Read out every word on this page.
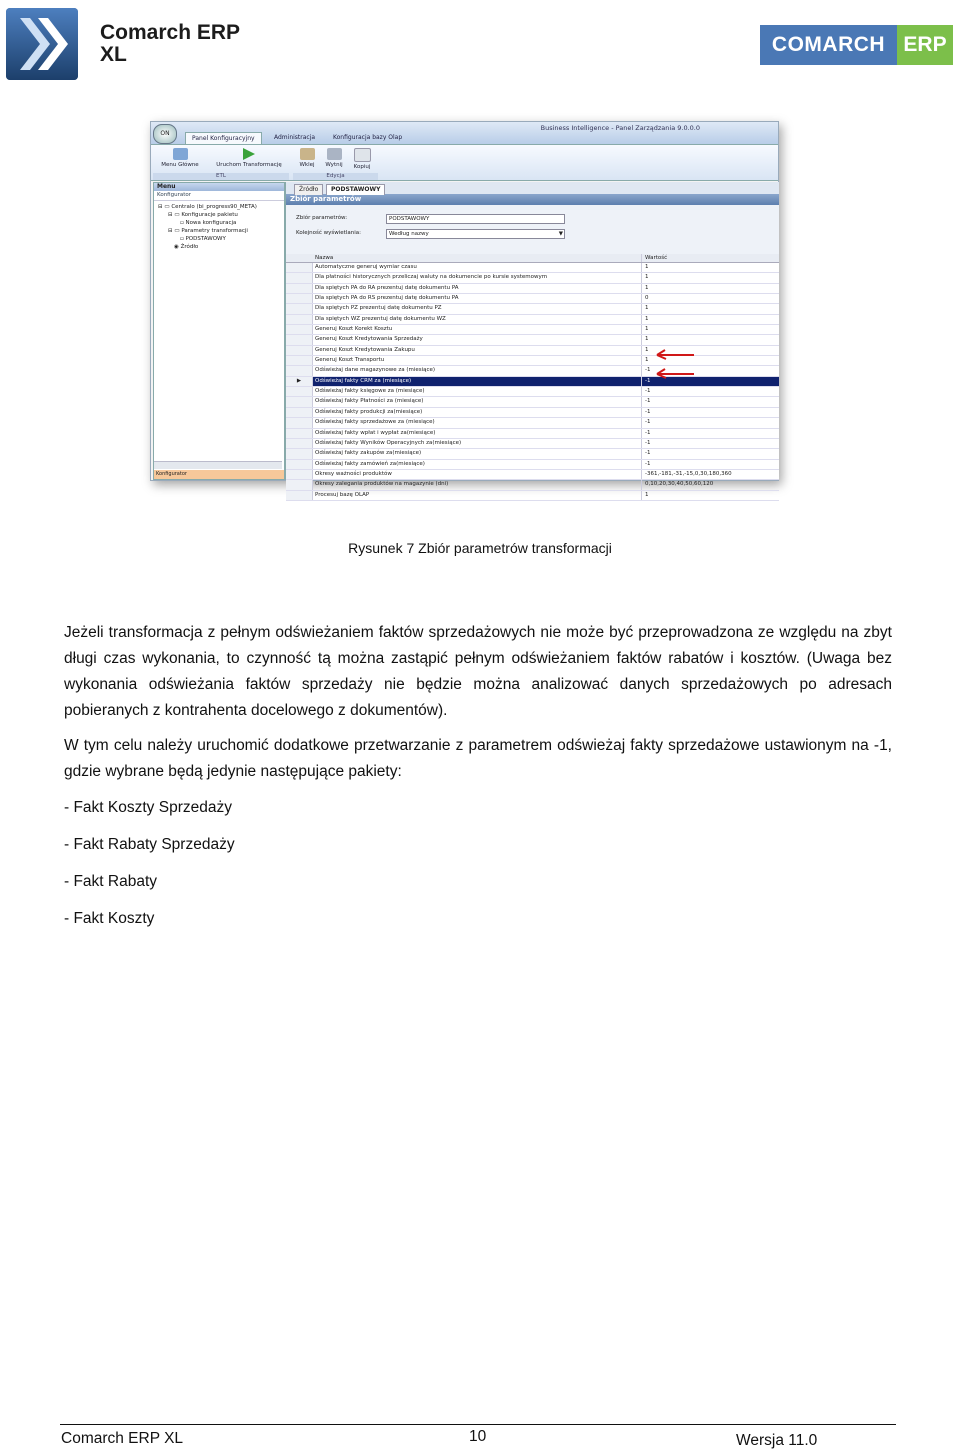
Comarch ERP
XL	COMARCH ERP
ON
Panel Konfiguracyjny	Administracja	Konfiguracja bazy Olap
Business Intelligence - Panel Zarządzania 9.0.0.0
Menu Główne	Uruchom Transformację	Wklej	Wytnij	Kopiuj
ETL	Edycja
Menu
Konfigurator
⊟ ▭ Centralo (bi_progress90_META)
⊟ ▭ Konfiguracje pakietu
▫ Nowa konfiguracja
⊟ ▭ Parametry transformacji
▫ PODSTAWOWY
◉ Źródło
Konfigurator
Źródło	PODSTAWOWY
Zbiór parametrów
Zbiór parametrów:	PODSTAWOWY
Kolejność wyświetlania:	Według nazwy	▼
Nazwa	Wartość
Automatyczne generuj wymiar czasu	1
Dla płatności historycznych przeliczaj waluty na dokumencie po kursie systemowym	1
Dla spiętych PA do RA prezentuj datę dokumentu PA	1
Dla spiętych PA do RS prezentuj datę dokumentu PA	0
Dla spiętych PZ prezentuj datę dokumentu PZ	1
Dla spiętych WZ prezentuj datę dokumentu WZ	1
Generuj Koszt Korekt Kosztu	1
Generuj Koszt Kredytowania Sprzedaży	1
Generuj Koszt Kredytowania Zakupu	1
Generuj Koszt Transportu	1
Odświeżaj dane magazynowe za (miesiące)	-1
▶	Odświeżaj fakty CRM za (miesiące)	-1
Odświeżaj fakty księgowe za (miesiące)	-1
Odświeżaj fakty Płatności za (miesiące)	-1
Odświeżaj fakty produkcji za(miesiące)	-1
Odświeżaj fakty sprzedażowe za (miesiące)	-1
Odświeżaj fakty wpłat i wypłat za(miesiące)	-1
Odświeżaj fakty Wyników Operacyjnych za(miesiące)	-1
Odświeżaj fakty zakupów za(miesiące)	-1
Odświeżaj fakty zamówień za(miesiące)	-1
Okresy ważności produktów	-361,-181,-31,-15,0,30,180,360
Okresy zalegania produktów na magazynie (dni)	0,10,20,30,40,50,60,120
Procesuj bazę OLAP	1
Rysunek 7 Zbiór parametrów transformacji
Jeżeli transformacja z pełnym odświeżaniem faktów sprzedażowych nie może być przeprowadzona ze względu na zbyt długi czas wykonania, to czynność tą można zastąpić pełnym odświeżaniem faktów rabatów i kosztów. (Uwaga bez wykonania odświeżania faktów sprzedaży nie będzie można analizować danych sprzedażowych po adresach pobieranych z kontrahenta docelowego z dokumentów).
W tym celu należy uruchomić dodatkowe przetwarzanie z parametrem odświeżaj fakty sprzedażowe ustawionym na -1, gdzie wybrane będą jedynie następujące pakiety:
- Fakt Koszty Sprzedaży
- Fakt Rabaty Sprzedaży
- Fakt Rabaty
- Fakt Koszty
Comarch ERP XL	10	Wersja 11.0
